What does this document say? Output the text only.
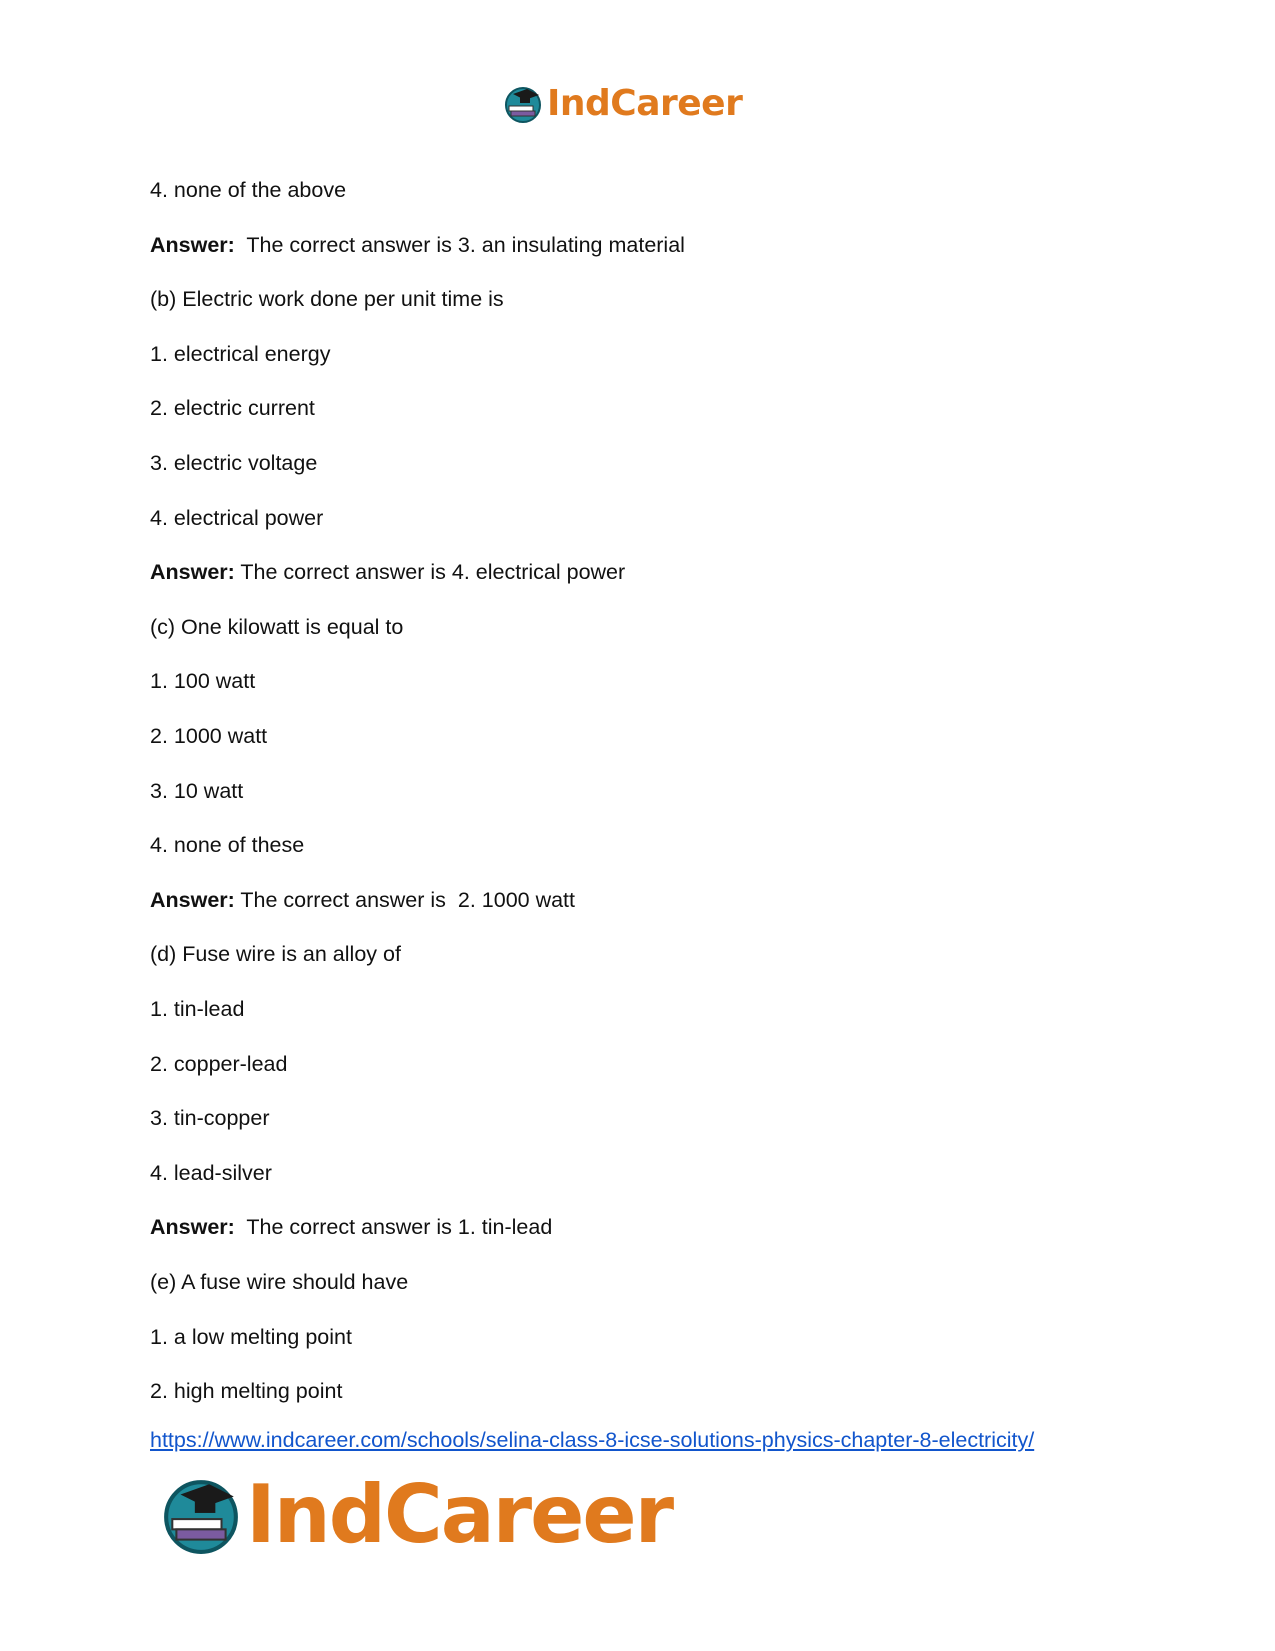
IndCareer
4. none of the above
Answer:  The correct answer is 3. an insulating material
(b) Electric work done per unit time is
1. electrical energy
2. electric current
3. electric voltage
4. electrical power
Answer: The correct answer is 4. electrical power
(c) One kilowatt is equal to
1. 100 watt
2. 1000 watt
3. 10 watt
4. none of these
Answer: The correct answer is  2. 1000 watt
(d) Fuse wire is an alloy of
1. tin-lead
2. copper-lead
3. tin-copper
4. lead-silver
Answer:  The correct answer is 1. tin-lead
(e) A fuse wire should have
1. a low melting point
2. high melting point
https://www.indcareer.com/schools/selina-class-8-icse-solutions-physics-chapter-8-electricity/
IndCareer
